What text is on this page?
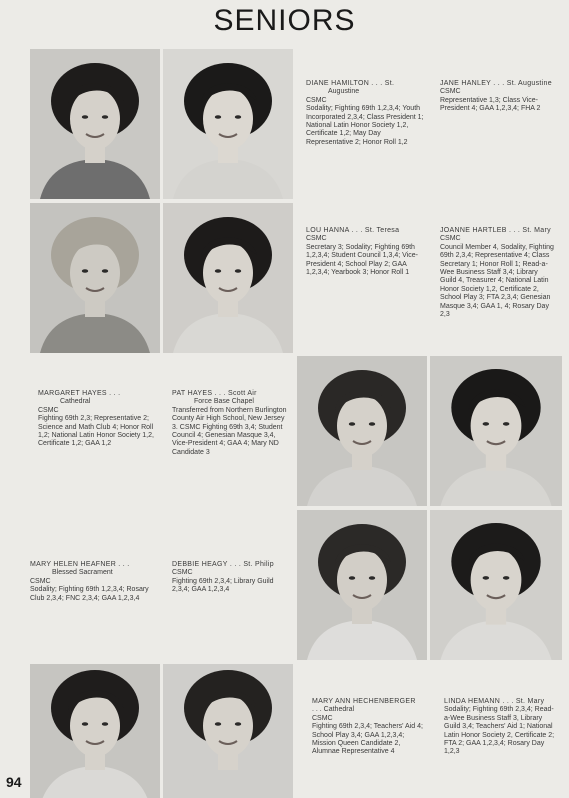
SENIORS
DIANE HAMILTON . . . St.
Augustine
CSMC
Sodality; Fighting 69th 1,2,3,4; Youth Incorporated 2,3,4; Class President 1; National Latin Honor Society 1,2, Certificate 1,2; May Day Representative 2; Honor Roll 1,2
JANE HANLEY . . . St. Augustine
CSMC
Representative 1,3; Class Vice-President 4; GAA 1,2,3,4; FHA 2
LOU HANNA . . . St. Teresa
CSMC
Secretary 3; Sodality; Fighting 69th 1,2,3,4; Student Council 1,3,4; Vice-President 4; School Play 2; GAA 1,2,3,4; Yearbook 3; Honor Roll 1
JOANNE HARTLEB . . . St. Mary
CSMC
Council Member 4, Sodality, Fighting 69th 2,3,4; Representative 4; Class Secretary 1; Honor Roll 1; Read-a-Wee Business Staff 3,4; Library Guild 4, Treasurer 4; National Latin Honor Society 1,2, Certificate 2, School Play 3; FTA 2,3,4; Genesian Masque 3,4; GAA 1, 4; Rosary Day 2,3
MARGARET HAYES . . .
Cathedral
CSMC
Fighting 69th 2,3; Representative 2; Science and Math Club 4; Honor Roll 1,2; National Latin Honor Society 1,2, Certificate 1,2; GAA 1,2
PAT HAYES . . . Scott Air
Force Base Chapel
Transferred from Northern Burlington County Air High School, New Jersey 3. CSMC Fighting 69th 3,4; Student Council 4; Genesian Masque 3,4, Vice-President 4; GAA 4; Mary ND Candidate 3
MARY HELEN HEAFNER . . .
Blessed Sacrament
CSMC
Sodality; Fighting 69th 1,2,3,4; Rosary Club 2,3,4; FNC 2,3,4; GAA 1,2,3,4
DEBBIE HEAGY . . . St. Philip
CSMC
Fighting 69th 2,3,4; Library Guild 2,3,4; GAA 1,2,3,4
MARY ANN HECHENBERGER
. . . Cathedral
CSMC
Fighting 69th 2,3,4; Teachers' Aid 4; School Play 3,4; GAA 1,2,3,4; Mission Queen Candidate 2, Alumnae Representative 4
LINDA HEMANN . . . St. Mary
Sodality; Fighting 69th 2,3,4; Read-a-Wee Business Staff 3, Library Guild 3,4; Teachers' Aid 1; National Latin Honor Society 2, Certificate 2; FTA 2; GAA 1,2,3,4; Rosary Day 1,2,3
94
